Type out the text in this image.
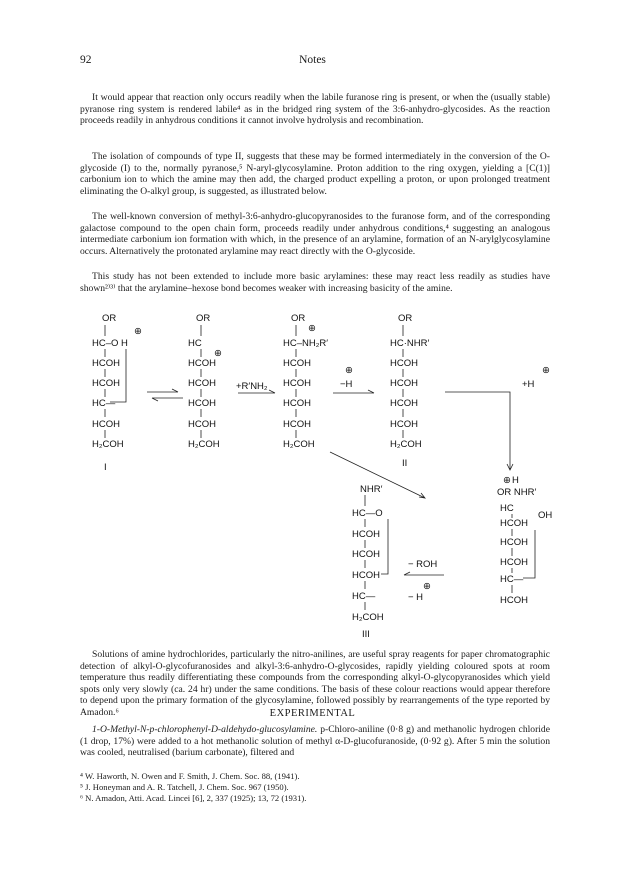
92	Notes

It would appear that reaction only occurs readily when the labile furanose ring is present, or when the (usually stable) pyranose ring system is rendered labile⁴ as in the bridged ring system of the 3:6-anhydro-glycosides. As the reaction proceeds readily in anhydrous conditions it cannot involve hydrolysis and recombination.

The isolation of compounds of type II, suggests that these may be formed intermediately in the conversion of the O-glycoside (I) to the, normally pyranose,⁵ N-aryl-glycosylamine. Proton addition to the ring oxygen, yielding a [C(1)] carbonium ion to which the amine may then add, the charged product expelling a proton, or upon prolonged treatment eliminating the O-alkyl group, is suggested, as illustrated below.

The well-known conversion of methyl-3:6-anhydro-glucopyranosides to the furanose form, and of the corresponding galactose compound to the open chain form, proceeds readily under anhydrous conditions,⁴ suggesting an analogous intermediate carbonium ion formation with which, in the presence of an arylamine, formation of an N-arylglycosylamine occurs. Alternatively the protonated arylamine may react directly with the O-glycoside.

This study has not been extended to include more basic arylamines: these may react less readily as studies have shown²⁾³⁾ that the arylamine–hexose bond becomes weaker with increasing basicity of the amine.

OR
⊕
HC–O H
HCOH
HCOH
HC—
HCOH
H₂COH
I
OR
⊕
HC
HCOH
HCOH
HCOH
HCOH
H₂COH
+R′NH₂
OR
⊕
HC–NH₂R′
HCOH
HCOH
HCOH
HCOH
H₂COH
⊕
−H
OR
HC·NHR′
HCOH
HCOH
HCOH
HCOH
H₂COH
II
⊕
+H
NHR′
HC—O
HCOH
HCOH
HCOH
HC—
H₂COH
III
− ROH
⊕
− H
⊕ H
OR NHR′
HC
HCOH
HCOH
HCOH
HC—
HCOH
OH

Solutions of amine hydrochlorides, particularly the nitro-anilines, are useful spray reagents for paper chromatographic detection of alkyl-O-glycofuranosides and alkyl-3:6-anhydro-O-glycosides, rapidly yielding coloured spots at room temperature thus readily differentiating these compounds from the corresponding alkyl-O-glycopyranosides which yield spots only very slowly (ca. 24 hr) under the same conditions. The basis of these colour reactions would appear therefore to depend upon the primary formation of the glycosylamine, followed possibly by rearrangements of the type reported by Amadon.⁶	EXPERIMENTAL

1-O-Methyl-N-p-chlorophenyl-D-aldehydo-glucosylamine. p-Chloro-aniline (0·8 g) and methanolic hydrogen chloride (1 drop, 17%) were added to a hot methanolic solution of methyl α-D-glucofuranoside, (0·92 g). After 5 min the solution was cooled, neutralised (barium carbonate), filtered and

⁴ W. Haworth, N. Owen and F. Smith, J. Chem. Soc. 88, (1941).
⁵ J. Honeyman and A. R. Tatchell, J. Chem. Soc. 967 (1950).
⁶ N. Amadon, Atti. Acad. Lincei [6], 2, 337 (1925); 13, 72 (1931).
